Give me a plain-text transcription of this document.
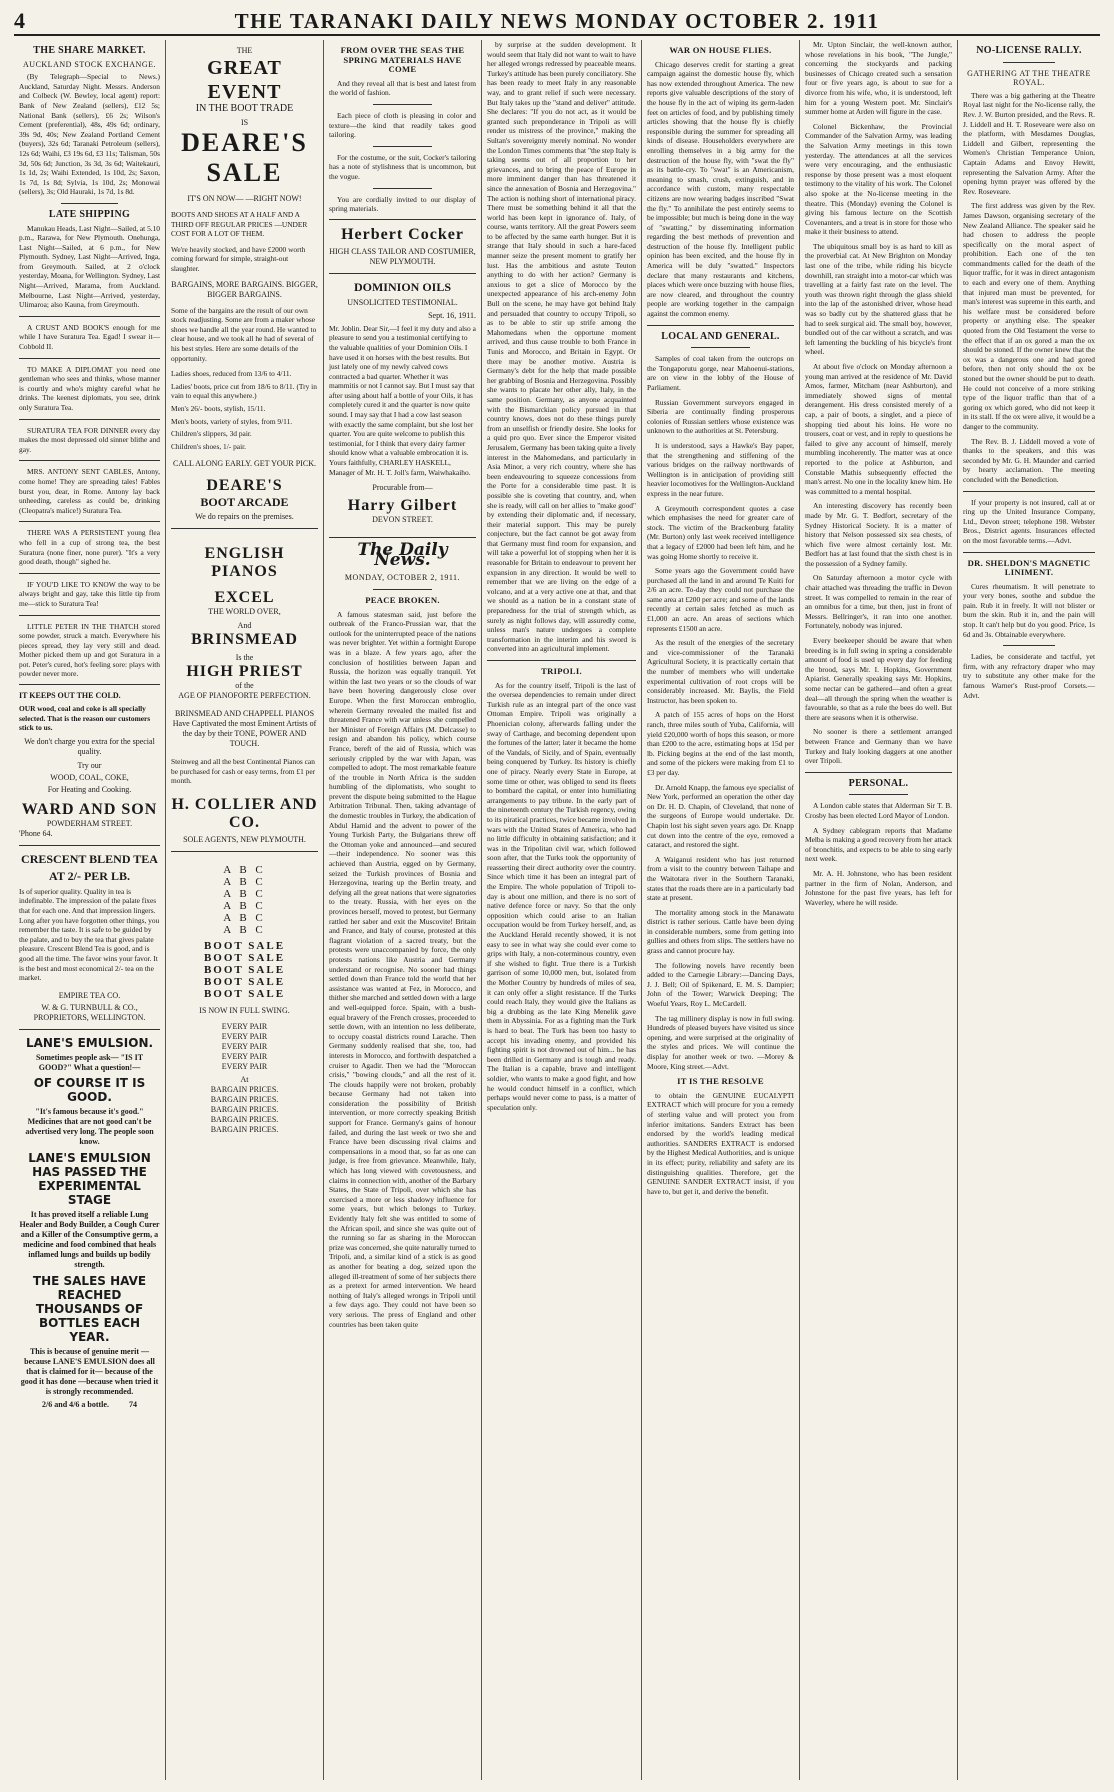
4	THE TARANAKI DAILY NEWS MONDAY OCTOBER 2. 1911
THE SHARE MARKET.
AUCKLAND STOCK EXCHANGE.

(By Telegraph—Special to News.) Auckland, Saturday Night. Messrs. Anderson and Colbeck (W. Bewley, local agent) report: Bank of New Zealand (sellers), £12 5s; National Bank (sellers), £6 2s; Wilson's Cement (preferential), 48s, 49s 6d; ordinary, 39s 9d, 40s; New Zealand Portland Cement (buyers), 32s 6d; Taranaki Petroleum (sellers), 12s 6d; Waihi, £3 19s 6d, £3 11s; Talisman, 50s 3d, 50s 6d; Junction, 3s 3d, 3s 6d; Waitekauri, 1s 1d, 2s; Waihi Extended, 1s 10d, 2s; Saxon, 1s 7d, 1s 8d; Sylvia, 1s 10d, 2s; Monowai (sellers), 3s; Old Hauraki, 1s 7d, 1s 8d.

LATE SHIPPING

Manukau Heads, Last Night—Sailed, at 5.10 p.m., Rarawa, for New Plymouth. Onehunga, Last Night—Sailed, at 6 p.m., for New Plymouth. Sydney, Last Night—Arrived, Inga, from Greymouth. Sailed, at 2 o'clock yesterday, Moana, for Wellington. Sydney, Last Night—Arrived, Marama, from Auckland. Melbourne, Last Night—Arrived, yesterday, Ulimaroa; also Kauna, from Greymouth.

A CRUST AND BOOK'S enough for me while I have Suratura Tea. Egad! I swear it—Cobbold II.

TO MAKE A DIPLOMAT you need one gentleman who sees and thinks, whose manner is courtly and who's mighty careful what he drinks. The keenest diplomats, you see, drink only Suratura Tea.

SURATURA TEA FOR DINNER every day makes the most depressed old sinner blithe and gay.

MRS. ANTONY SENT CABLES, Antony, come home! They are spreading tales! Fables burst you, dear, in Rome. Antony lay back unheeding, careless as could be, drinking (Cleopatra's malice!) Suratura Tea.

THERE WAS A PERSISTENT young flea who fell in a cup of strong tea, the best Suratura (none finer, none purer). "It's a very good death, though" sighed he.

IF YOU'D LIKE TO KNOW the way to be always bright and gay, take this little tip from me—stick to Suratura Tea!

LITTLE PETER IN THE THATCH stored some powder, struck a match. Everywhere his pieces spread, they lay very still and dead. Mother picked them up and got Suratura in a pot. Peter's cured, hot's feeling sore: plays with powder never more.

IT KEEPS OUT THE COLD.
OUR wood, coal and coke is all specially selected. That is the reason our customers stick to us.
We don't charge you extra for the special quality.
Try our
WOOD, COAL, COKE,
For Heating and Cooking.
WARD AND SON
POWDERHAM STREET.
'Phone 64.
CRESCENT BLEND TEA
AT 2/- PER LB.
Is of superior quality. Quality in tea is indefinable. The impression of the palate fixes that for each one. And that impression lingers. Long after you have forgotten other things, you remember the taste. It is safe to be guided by the palate, and to buy the tea that gives palate pleasure. Crescent Blend Tea is good, and is good all the time. The favor wins your favor. It is the best and most economical 2/- tea on the market.
EMPIRE TEA CO.
W. & G. TURNBULL & CO., PROPRIETORS, WELLINGTON.
LANE'S EMULSION.
Sometimes people ask— "IS IT GOOD?" What a question!—
OF COURSE IT IS GOOD.
"It's famous because it's good." Medicines that are not good can't be advertised very long. The people soon know.
LANE'S EMULSION HAS PASSED THE EXPERIMENTAL STAGE
It has proved itself a reliable Lung Healer and Body Builder, a Cough Curer and a Killer of the Consumptive germ, a medicine and food combined that heals inflamed lungs and builds up bodily strength.
THE SALES HAVE REACHED THOUSANDS OF BOTTLES EACH YEAR.
This is because of genuine merit —because LANE'S EMULSION does all that is claimed for it— because of the good it has done —because when tried it is strongly recommended.
2/6 and 4/6 a bottle.	74
THE
GREAT EVENT
IN THE BOOT TRADE
IS
DEARE'S
SALE
IT'S ON NOW— —RIGHT NOW!
BOOTS AND SHOES AT A HALF AND A THIRD OFF REGULAR PRICES —UNDER COST FOR A LOT OF THEM.
We're heavily stocked, and have £2000 worth coming forward for simple, straight-out slaughter.
BARGAINS, MORE BARGAINS. BIGGER, BIGGER BARGAINS.
Some of the bargains are the result of our own stock readjusting. Some are from a maker whose shoes we handle all the year round. He wanted to clear house, and we took all he had of several of his best styles. Here are some details of the opportunity.
Ladies shoes, reduced from 13/6 to 4/11.
Ladies' boots, price cut from 18/6 to 8/11. (Try in vain to equal this anywhere.)
Men's 26/- boots, stylish, 15/11.
Men's boots, variety of styles, from 9/11.
Children's slippers, 3d pair.
Children's shoes, 1/- pair.
CALL ALONG EARLY. GET YOUR PICK.
DEARE'S
BOOT ARCADE
We do repairs on the premises.
ENGLISH PIANOS
EXCEL
THE WORLD OVER,
And
BRINSMEAD
Is the
HIGH PRIEST
of the
AGE OF PIANOFORTE PERFECTION.
BRINSMEAD AND CHAPPELL PIANOS Have Captivated the most Eminent Artists of the day by their TONE, POWER AND TOUCH.
Steinweg and all the best Continental Pianos can be purchased for cash or easy terms, from £1 per month.
H. COLLIER AND CO.
SOLE AGENTS, NEW PLYMOUTH.
A B C
A B C
A B C
A B C
A B C
A B C
BOOT SALE
BOOT SALE
BOOT SALE
BOOT SALE
BOOT SALE
IS NOW IN FULL SWING.
EVERY PAIR
EVERY PAIR
EVERY PAIR
EVERY PAIR
EVERY PAIR
At
BARGAIN PRICES.
BARGAIN PRICES.
BARGAIN PRICES.
BARGAIN PRICES.
BARGAIN PRICES.
FROM OVER THE SEAS THE SPRING MATERIALS HAVE COME

And they reveal all that is best and latest from the world of fashion.

Each piece of cloth is pleasing in color and texture—the kind that readily takes good tailoring.

For the costume, or the suit, Cocker's tailoring has a note of stylishness that is uncommon, but the vogue.

You are cordially invited to our display of spring materials.

Herbert Cocker
HIGH CLASS TAILOR AND COSTUMIER, NEW PLYMOUTH.
DOMINION OILS
UNSOLICITED TESTIMONIAL.
Sept. 16, 1911.
Mr. Joblin. Dear Sir,—I feel it my duty and also a pleasure to send you a testimonial certifying to the valuable qualities of your Dominion Oils. I have used it on horses with the best results. But just lately one of my newly calved cows contracted a bad quarter. Whether it was mammitis or not I cannot say. But I must say that after using about half a bottle of your Oils, it has completely cured it and the quarter is now quite sound. I may say that I had a cow last season with exactly the same complaint, but she lost her quarter. You are quite welcome to publish this testimonial, for I think that every dairy farmer should know what a valuable embrocation it is. Yours faithfully, CHARLEY HASKELL, Manager of Mr. H. T. Joll's farm, Waiwhakaiho.
Procurable from—
Harry Gilbert
DEVON STREET.
The Daily News.
MONDAY, OCTOBER 2, 1911.
PEACE BROKEN.

A famous statesman said, just before the outbreak of the Franco-Prussian war, that the outlook for the uninterrupted peace of the nations was never brighter. Yet within a fortnight Europe was in a blaze. A few years ago, after the conclusion of hostilities between Japan and Russia, the horizon was equally tranquil. Yet within the last two years or so the clouds of war have been hovering dangerously close over Europe. When the first Moroccan embroglio, wherein Germany revealed the mailed fist and threatened France with war unless she compelled her Minister of Foreign Affairs (M. Delcasse) to resign and abandon his policy, which course France, bereft of the aid of Russia, which was seriously crippled by the war with Japan, was compelled to adopt. The most remarkable feature of the trouble in North Africa is the sudden humbling of the diplomatists, who sought to prevent the dispute being submitted to the Hague Arbitration Tribunal. Then, taking advantage of the domestic troubles in Turkey, the abdication of Abdul Hamid and the advent to power of the Young Turkish Party, the Bulgarians threw off the Ottoman yoke and announced—and secured —their independence. No sooner was this achieved than Austria, egged on by Germany, seized the Turkish provinces of Bosnia and Herzegovina, tearing up the Berlin treaty, and defying all the great nations that were signatories to the treaty. Russia, with her eyes on the provinces herself, moved to protest, but Germany rattled her saber and exit the Muscovite! Britain and France, and Italy of course, protested at this flagrant violation of a sacred treaty, but the protests were unaccompanied by force, the only protests nations like Austria and Germany understand or recognise. No sooner had things settled down than France told the world that her assistance was wanted at Fez, in Morocco, and thither she marched and settled down with a large and well-equipped force. Spain, with a bush-equal bravery of the French crosses, proceeded to settle down, with an intention no less deliberate, to occupy coastal districts round Larache. Then Germany suddenly realised that she, too, had interests in Morocco, and forthwith despatched a cruiser to Agadir. Then we had the "Moroccan crisis," "bowing clouds," and all the rest of it. The clouds happily were not broken, probably because Germany had not taken into consideration the possibility of British intervention, or more correctly speaking British support for France. Germany's gains of honour failed, and during the last week or two she and France have been discussing rival claims and compensations in a mood that, so far as one can judge, is free from grievance. Meanwhile, Italy, which has long viewed with covetousness, and claims in connection with, another of the Barbary States, the State of Tripoli, over which she has exercised a more or less shadowy influence for some years, but which belongs to Turkey. Evidently Italy felt she was entitled to some of the African spoil, and since she was quite out of the running so far as sharing in the Moroccan prize was concerned, she quite naturally turned to Tripoli, and, a similar kind of a stick is as good as another for beating a dog, seized upon the alleged ill-treatment of some of her subjects there as a pretext for armed intervention. We heard nothing of Italy's alleged wrongs in Tripoli until a few days ago. They could not have been so very serious. The press of England and other countries has been taken quite

by surprise at the sudden development. It would seem that Italy did not want to wait to have her alleged wrongs redressed by peaceable means. Turkey's attitude has been purely conciliatory. She has been ready to meet Italy in any reasonable way, and to grant relief if such were necessary. But Italy takes up the "stand and deliver" attitude. She declares: "If you do not act, as it would be granted such preponderance in Tripoli as will render us mistress of the province," making the Sultan's sovereignty merely nominal. No wonder the London Times comments that "the step Italy is taking seems out of all proportion to her grievances, and to bring the peace of Europe in more imminent danger than has threatened it since the annexation of Bosnia and Herzegovina." The action is nothing short of international piracy. There must be something behind it all that the world has been kept in ignorance of. Italy, of course, wants territory. All the great Powers seem to be affected by the same earth hunger. But it is strange that Italy should in such a hare-faced manner seize the present moment to gratify her lust. Has the ambitious and astute Teuton anything to do with her action? Germany is anxious to get a slice of Morocco by the unexpected appearance of his arch-enemy John Bull on the scene, he may have got behind Italy and persuaded that country to occupy Tripoli, so as to be able to stir up strife among the Mahomedans when the opportune moment arrived, and thus cause trouble to both France in Tunis and Morocco, and Britain in Egypt. Or there may be another motive. Austria is Germany's debt for the help that made possible her grabbing of Bosnia and Herzegovina. Possibly she wants to placate her other ally, Italy, in the same position. Germany, as anyone acquainted with the Bismarckian policy pursued in that country knows, does not do these things purely from an unselfish or friendly desire. She looks for a quid pro quo. Ever since the Emperor visited Jerusalem, Germany has been taking quite a lively interest in the Mahomedans, and particularly in Asia Minor, a very rich country, where she has been endeavouring to squeeze concessions from the Porte for a considerable time past. It is possible she is coveting that country, and, when she is ready, will call on her allies to "make good" by extending their diplomatic and, if necessary, their material support. This may be purely conjecture, but the fact cannot be got away from that Germany must find room for expansion, and will take a powerful lot of stopping when her it is reasonable for Britain to endeavour to prevent her expansion in any direction. It would be well to remember that we are living on the edge of a volcano, and at a very active one at that, and that we should as a nation be in a constant state of preparedness for the trial of strength which, as surely as night follows day, will assuredly come, unless man's nature undergoes a complete transformation in the interim and his sword is converted into an agricultural implement.

TRIPOLI.

As for the country itself, Tripoli is the last of the oversea dependencies to remain under direct Turkish rule as an integral part of the once vast Ottoman Empire. Tripoli was originally a Phoenician colony, afterwards falling under the sway of Carthage, and becoming dependent upon the fortunes of the latter; later it became the home of the Vandals, of Sicily, and of Spain, eventually being conquered by Turkey. Its history is chiefly one of piracy. Nearly every State in Europe, at some time or other, was obliged to send its fleets to bombard the capital, or enter into humiliating arrangements to pay tribute. In the early part of the nineteenth century the Turkish regency, owing to its piratical practices, twice became involved in wars with the United States of America, who had no little difficulty in obtaining satisfaction; and it was in the Tripolitan civil war, which followed soon after, that the Turks took the opportunity of reasserting their direct authority over the country. Since which time it has been an integral part of the Empire. The whole population of Tripoli to-day is about one million, and there is no sort of native defence force or navy. So that the only opposition which could arise to an Italian occupation would be from Turkey herself, and, as the Auckland Herald recently showed, it is not easy to see in what way she could ever come to grips with Italy, a non-coterminous country, even if she wished to fight. True there is a Turkish garrison of some 10,000 men, but, isolated from the Mother Country by hundreds of miles of sea, it can only offer a slight resistance. If the Turks could reach Italy, they would give the Italians as big a drubbing as the late King Menelik gave them in Abyssinia. For as a fighting man the Turk is hard to beat. The Turk has been too hasty to accept his invading enemy, and provided his fighting spirit is not drowned out of him... he has been drilled in Germany and is tough and ready. The Italian is a capable, brave and intelligent soldier, who wants to make a good fight, and how he would conduct himself in a conflict, which perhaps would never come to pass, is a matter of speculation only.

WAR ON HOUSE FLIES.

Chicago deserves credit for starting a great campaign against the domestic house fly, which has now extended throughout America. The new reports give valuable descriptions of the story of the house fly in the act of wiping its germ-laden feet on articles of food, and by publishing timely articles showing that the house fly is chiefly responsible during the summer for spreading all kinds of disease. Householders everywhere are enrolling themselves in a big army for the destruction of the house fly, with "swat the fly" as its battle-cry. To "swat" is an Americanism, meaning to smash, crush, extinguish, and in accordance with custom, many respectable citizens are now wearing badges inscribed "Swat the fly." To annihilate the pest entirely seems to be impossible; but much is being done in the way of "swatting," by disseminating information regarding the best methods of prevention and destruction of the house fly. Intelligent public opinion has been excited, and the house fly in America will be duly "swatted." Inspectors declare that many restaurants and kitchens, places which were once buzzing with house flies, are now cleared, and throughout the country people are working together in the campaign against the common enemy.

LOCAL AND GENERAL.

Samples of coal taken from the outcrops on the Tongaporutu gorge, near Mahoenui-stations, are on view in the lobby of the House of Parliament.

Russian Government surveyors engaged in Siberia are continually finding prosperous colonies of Russian settlers whose existence was unknown to the authorities at St. Petersburg.

It is understood, says a Hawke's Bay paper, that the strengthening and stiffening of the various bridges on the railway northwards of Wellington is in anticipation of providing still heavier locomotives for the Wellington-Auckland express in the near future.

A Greymouth correspondent quotes a case which emphasises the need for greater care of stock. The victim of the Brackenburg fatality (Mr. Burton) only last week received intelligence that a legacy of £2000 had been left him, and he was going Home shortly to receive it.

Some years ago the Government could have purchased all the land in and around Te Kuiti for 2/6 an acre. To-day they could not purchase the same area at £200 per acre; and some of the lands recently at certain sales fetched as much as £1,000 an acre. An areas of sections which represents £1500 an acre.

As the result of the energies of the secretary and vice-commissioner of the Taranaki Agricultural Society, it is practically certain that the number of members who will undertake experimental cultivation of root crops will be considerably increased. Mr. Baylis, the Field Instructor, has been spoken to.

A patch of 155 acres of hops on the Horst ranch, three miles south of Yuba, California, will yield £20,000 worth of hops this season, or more than £200 to the acre, estimating hops at 15d per lb. Picking begins at the end of the last month, and some of the pickers were making from £1 to £3 per day.

Dr. Arnold Knapp, the famous eye specialist of New York, performed an operation the other day on Dr. H. D. Chapin, of Cleveland, that none of the surgeons of Europe would undertake. Dr. Chapin lost his sight seven years ago. Dr. Knapp cut down into the centre of the eye, removed a cataract, and restored the sight.

A Waiganui resident who has just returned from a visit to the country between Taihape and the Waitotara river in the Southern Taranaki, states that the roads there are in a particularly bad state at present.

The mortality among stock in the Manawatu district is rather serious. Cattle have been dying in considerable numbers, some from getting into gullies and others from slips. The settlers have no grass and cannot procure hay.

The following novels have recently been added to the Carnegie Library:—Dancing Days, J. J. Bell; Oil of Spikenard, E. M. S. Dampier; John of the Tower; Warwick Deeping; The Woeful Years, Roy L. McCardell.

The tag millinery display is now in full swing. Hundreds of pleased buyers have visited us since opening, and were surprised at the originality of the styles and prices. We will continue the display for another week or two. —Morey & Moore, King street.—Advt.

IT IS THE RESOLVE

to obtain the GENUINE EUCALYPTI EXTRACT which will procure for you a remedy of sterling value and will protect you from inferior imitations. Sanders Extract has been endorsed by the world's leading medical authorities. SANDERS EXTRACT is endorsed by the Highest Medical Authorities, and is unique in its effect; purity, reliability and safety are its distinguishing qualities. Therefore, get the GENUINE SANDER EXTRACT insist, if you have to, but get it, and derive the benefit.

Mr. Upton Sinclair, the well-known author, whose revelations in his book, "The Jungle," concerning the stockyards and packing businesses of Chicago created such a sensation four or five years ago, is about to sue for a divorce from his wife, who, it is understood, left him for a young Western poet. Mr. Sinclair's summer home at Arden will figure in the case.

Colonel Bickenhaw, the Provincial Commander of the Salvation Army, was leading the Salvation Army meetings in this town yesterday. The attendances at all the services were very encouraging, and the enthusiastic response by those present was a most eloquent testimony to the vitality of his work. The Colonel also spoke at the No-license meeting in the theatre. This (Monday) evening the Colonel is giving his famous lecture on the Scottish Covenanters, and a treat is in store for those who make it their business to attend.

The ubiquitous small boy is as hard to kill as the proverbial cat. At New Brighton on Monday last one of the tribe, while riding his bicycle downhill, ran straight into a motor-car which was travelling at a fairly fast rate on the level. The youth was thrown right through the glass shield into the lap of the astonished driver, whose head was so badly cut by the shattered glass that he had to seek surgical aid. The small boy, however, bundled out of the car without a scratch, and was left lamenting the buckling of his bicycle's front wheel.

At about five o'clock on Monday afternoon a young man arrived at the residence of Mr. David Amos, farmer, Mitcham (near Ashburton), and immediately showed signs of mental derangement. His dress consisted merely of a cap, a pair of boots, a singlet, and a piece of shopping tied about his loins. He wore no trousers, coat or vest, and in reply to questions he failed to give any account of himself, merely mumbling incoherently. The matter was at once reported to the police at Ashburton, and Constable Mathis subsequently effected the man's arrest. No one in the locality knew him. He was committed to a mental hospital.

An interesting discovery has recently been made by Mr. G. T. Bedfort, secretary of the Sydney Historical Society. It is a matter of history that Nelson possessed six sea chests, of which five were almost certainly lost. Mr. Bedfort has at last found that the sixth chest is in the possession of a Sydney family.

On Saturday afternoon a motor cycle with chair attached was threading the traffic in Devon street. It was compelled to remain in the rear of an omnibus for a time, but then, just in front of Messrs. Bellringer's, it ran into one another. Fortunately, nobody was injured.

Every beekeeper should be aware that when breeding is in full swing in spring a considerable amount of food is used up every day for feeding the brood, says Mr. I. Hopkins, Government Apiarist. Generally speaking says Mr. Hopkins, some nectar can be gathered—and often a great deal—all through the spring when the weather is favourable, so that as a rule the bees do well. But there are seasons when it is otherwise.

No sooner is there a settlement arranged between France and Germany than we have Turkey and Italy looking daggers at one another over Tripoli.

PERSONAL.

A London cable states that Alderman Sir T. B. Crosby has been elected Lord Mayor of London.

A Sydney cablegram reports that Madame Melba is making a good recovery from her attack of bronchitis, and expects to be able to sing early next week.

Mr. A. H. Johnstone, who has been resident partner in the firm of Nolan, Anderson, and Johnstone for the past five years, has left for Waverley, where he will reside.

NO-LICENSE RALLY.
GATHERING AT THE THEATRE ROYAL.

There was a big gathering at the Theatre Royal last night for the No-license rally, the Rev. J. W. Burton presided, and the Revs. R. J. Liddell and H. T. Roseveare were also on the platform, with Mesdames Douglas, Liddell and Gilbert, representing the Women's Christian Temperance Union, Captain Adams and Envoy Hewitt, representing the Salvation Army. After the opening hymn prayer was offered by the Rev. Roseveare.

The first address was given by the Rev. James Dawson, organising secretary of the New Zealand Alliance. The speaker said he had chosen to address the people specifically on the moral aspect of prohibition. Each one of the ten commandments called for the death of the liquor traffic, for it was in direct antagonism to each and every one of them. Anything that injured man must be prevented, for man's interest was supreme in this earth, and his welfare must be considered before property or anything else. The speaker quoted from the Old Testament the verse to the effect that if an ox gored a man the ox should be stoned. If the owner knew that the ox was a dangerous one and had gored before, then not only should the ox be stoned but the owner should be put to death. He could not conceive of a more striking type of the liquor traffic than that of a goring ox which gored, who did not keep it in its stall. If the ox were alive, it would be a danger to the community.

The Rev. B. J. Liddell moved a vote of thanks to the speakers, and this was seconded by Mr. G. H. Maunder and carried by hearty acclamation. The meeting concluded with the Benediction.

If your property is not insured, call at or ring up the United Insurance Company, Ltd., Devon street; telephone 198. Webster Bros., District agents. Insurances effected on the most favorable terms.—Advt.

DR. SHELDON'S MAGNETIC LINIMENT.

Cures rheumatism. It will penetrate to your very bones, soothe and subdue the pain. Rub it in freely. It will not blister or burn the skin. Rub it in, and the pain will stop. It can't help but do you good. Price, 1s 6d and 3s. Obtainable everywhere.

Ladies, be considerate and tactful, yet firm, with any refractory draper who may try to substitute any other make for the famous Warner's Rust-proof Corsets.—Advt.
